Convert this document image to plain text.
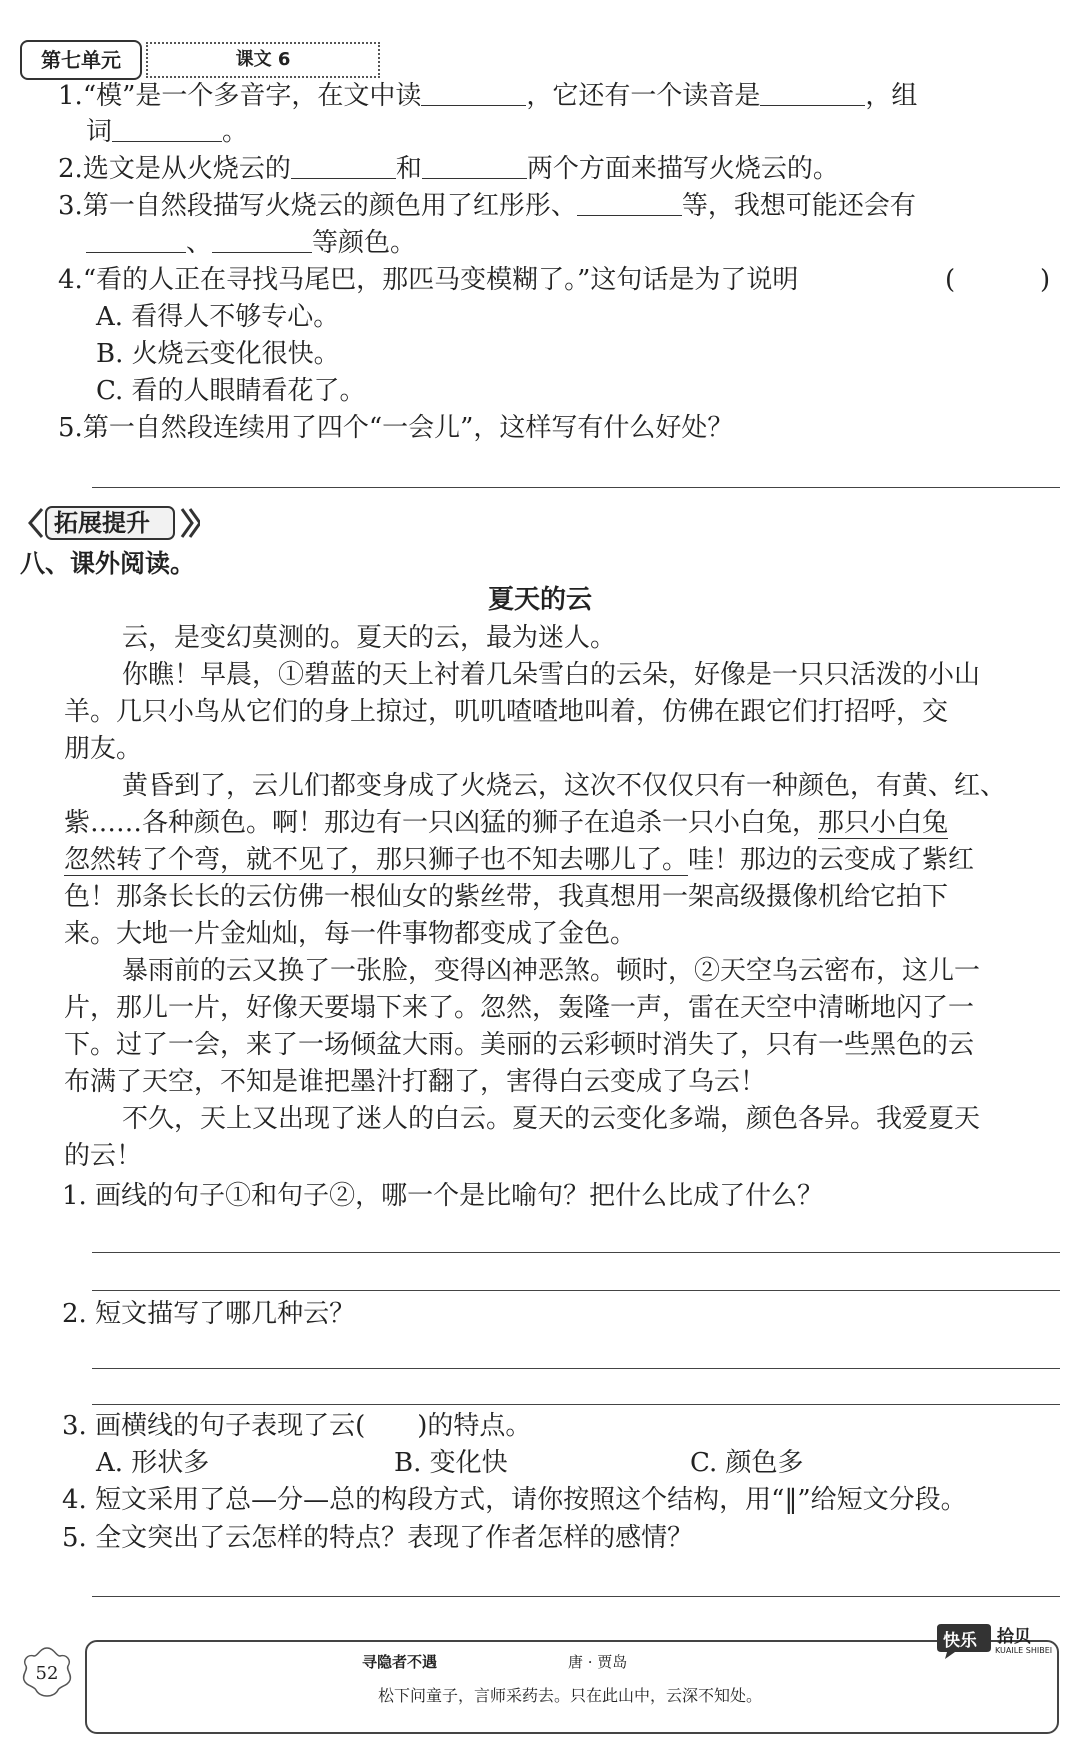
第七单元	课文 6
1.“模”是一个多音字，在文中读	，它还有一个读音是	，组
词	。
2.选文是从火烧云的	和	两个方面来描写火烧云的。
3.第一自然段描写火烧云的颜色用了红彤彤、	等，我想可能还会有
、	等颜色。
4.“看的人正在寻找马尾巴，那匹马变模糊了。”这句话是为了说明	(	)
A. 看得人不够专心。
B. 火烧云变化很快。
C. 看的人眼睛看花了。
5.第一自然段连续用了四个“一会儿”，这样写有什么好处？
拓展提升
八、课外阅读。
夏天的云
云，是变幻莫测的。夏天的云，最为迷人。
你瞧！早晨，①碧蓝的天上衬着几朵雪白的云朵，好像是一只只活泼的小山
羊。几只小鸟从它们的身上掠过，叽叽喳喳地叫着，仿佛在跟它们打招呼，交
朋友。
黄昏到了，云儿们都变身成了火烧云，这次不仅仅只有一种颜色，有黄、红、
紫……各种颜色。啊！那边有一只凶猛的狮子在追杀一只小白兔，那只小白兔
忽然转了个弯，就不见了，那只狮子也不知去哪儿了。哇！那边的云变成了紫红
色！那条长长的云仿佛一根仙女的紫丝带，我真想用一架高级摄像机给它拍下
来。大地一片金灿灿，每一件事物都变成了金色。
暴雨前的云又换了一张脸，变得凶神恶煞。顿时，②天空乌云密布，这儿一
片，那儿一片，好像天要塌下来了。忽然，轰隆一声，雷在天空中清晰地闪了一
下。过了一会，来了一场倾盆大雨。美丽的云彩顿时消失了，只有一些黑色的云
布满了天空，不知是谁把墨汁打翻了，害得白云变成了乌云！
不久，天上又出现了迷人的白云。夏天的云变化多端，颜色各异。我爱夏天
的云！
1. 画线的句子①和句子②，哪一个是比喻句？把什么比成了什么？
2. 短文描写了哪几种云？
3. 画横线的句子表现了云(　　)的特点。
A. 形状多	B. 变化快	C. 颜色多
4. 短文采用了总—分—总的构段方式，请你按照这个结构，用“‖”给短文分段。
5. 全文突出了云怎样的特点？表现了作者怎样的感情？
52
寻隐者不遇	唐 · 贾岛
松下问童子，言师采药去。只在此山中，云深不知处。
快乐 拾贝
KUAILE SHIBEI
